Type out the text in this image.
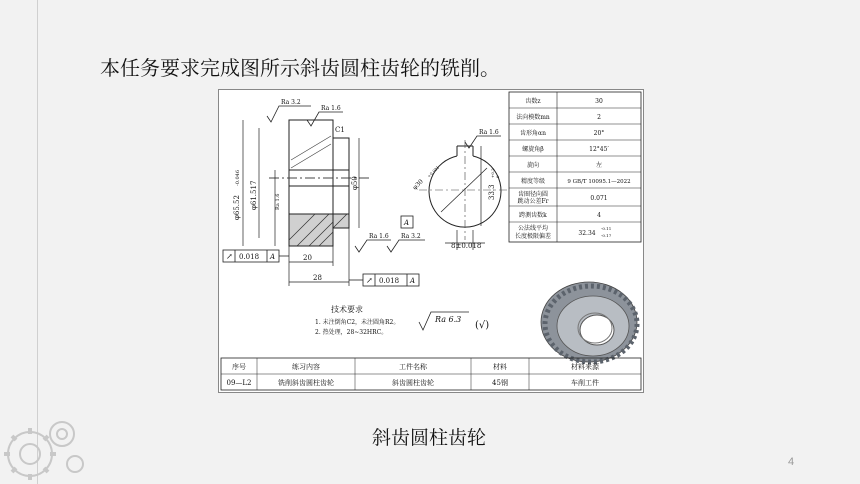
本任务要求完成图所示斜齿圆柱齿轮的铣削。
φ65.52
-0.046
φ61.517	φ50
Ra 3.2
Ra 1.6
Ra 1.6 Ra 3.2
Ra 1.6
C1
Ra 1.6
20
28
↗ 0.018 A
↗ 0.018 A
φ30
+0.021
33.3
+0.2 0
8±0.018
A
齿数z	30
法向模数mn	2
齿形角αn	20°
螺旋角β	12°45′
旋向	左
精度等级	9 GB/T 10095.1—2022
齿圈径向圆
跳动公差Fr	0.071
跨测齿数k	4
公法线平均
长度极限偏差	32.34
-0.11
-0.17
技术要求
1. 未注倒角C2，未注圆角R2。
2. 热处理，28~32HRC。
Ra 6.3
(√)
序号	练习内容	工件名称	材料	材料来源
09—L2	铣削斜齿圆柱齿轮	斜齿圆柱齿轮	45钢	车削工件
斜齿圆柱齿轮
4
